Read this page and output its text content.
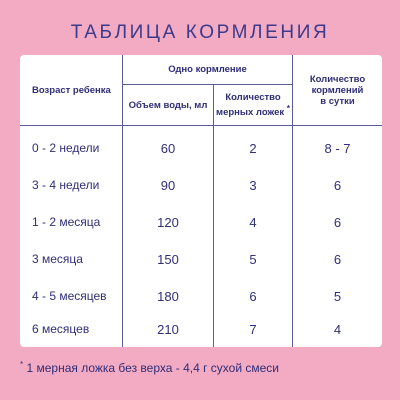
ТАБЛИЦА КОРМЛЕНИЯ
Возраст ребенка
Одно кормление
Объем воды, мл
Количество
мерных ложек *
Количество
кормлений
в сутки
0 - 2 недели	60	2	8 - 7
3 - 4 недели	90	3	6
1 - 2 месяца	120	4	6
3 месяца	150	5	6
4 - 5 месяцев	180	6	5
6 месяцев	210	7	4
* 1 мерная ложка без верха - 4,4 г сухой смеси
